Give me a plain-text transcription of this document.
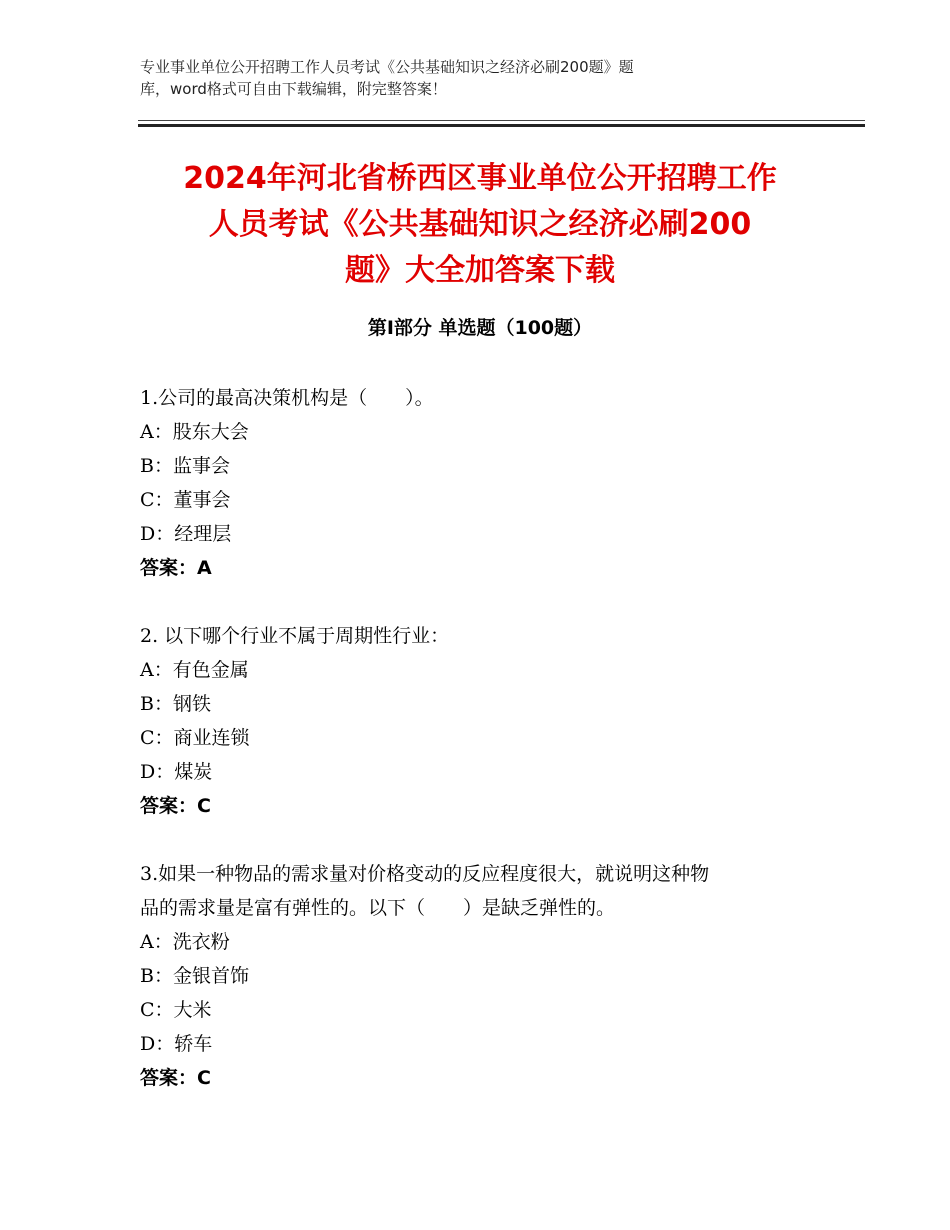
专业事业单位公开招聘工作人员考试《公共基础知识之经济必刷200题》题
库，word格式可自由下载编辑，附完整答案！
2024年河北省桥西区事业单位公开招聘工作
人员考试《公共基础知识之经济必刷200
题》大全加答案下载
第Ⅰ部分 单选题（100题）
1.公司的最高决策机构是（　　）。
A：股东大会
B：监事会
C：董事会
D：经理层
答案：A
2. 以下哪个行业不属于周期性行业：
A：有色金属
B：钢铁
C：商业连锁
D：煤炭
答案：C
3.如果一种物品的需求量对价格变动的反应程度很大，就说明这种物
品的需求量是富有弹性的。以下（　　）是缺乏弹性的。
A：洗衣粉
B：金银首饰
C：大米
D：轿车
答案：C
